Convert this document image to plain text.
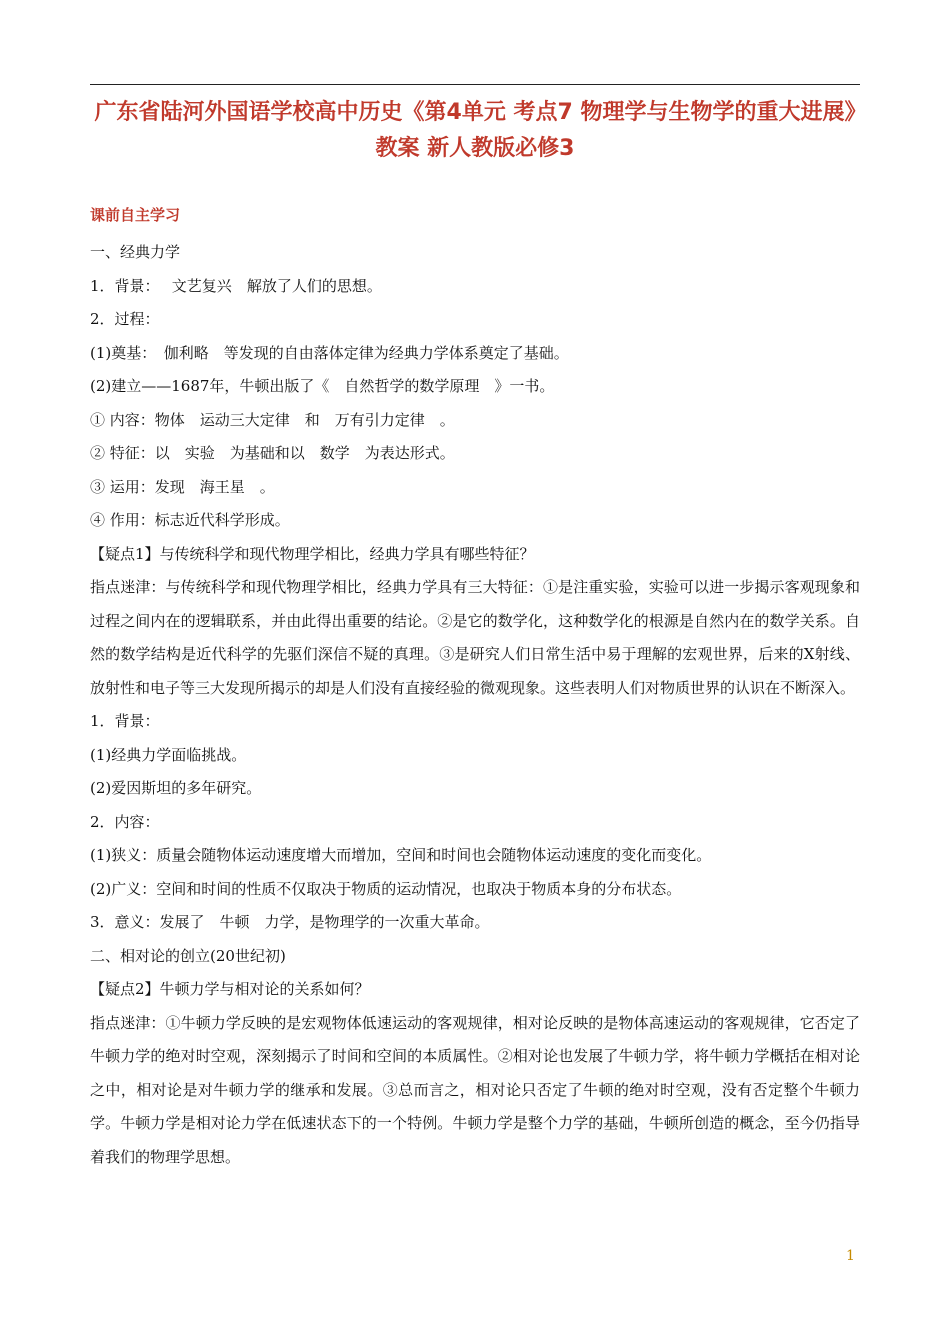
广东省陆河外国语学校高中历史《第4单元 考点7 物理学与生物学的重大进展》教案 新人教版必修3
课前自主学习
一、经典力学
1．背景：　 文艺复兴　解放了人们的思想。
2．过程：
(1)奠基：　伽利略　等发现的自由落体定律为经典力学体系奠定了基础。
(2)建立——1687年，牛顿出版了《　自然哲学的数学原理　》一书。
① 内容：物体　运动三大定律　和　万有引力定律　。
② 特征：以　实验　为基础和以　数学　为表达形式。
③ 运用：发现　海王星　。
④ 作用：标志近代科学形成。
【疑点1】与传统科学和现代物理学相比，经典力学具有哪些特征？
指点迷津：与传统科学和现代物理学相比，经典力学具有三大特征：①是注重实验，实验可以进一步揭示客观现象和过程之间内在的逻辑联系，并由此得出重要的结论。②是它的数学化，这种数学化的根源是自然内在的数学关系。自然的数学结构是近代科学的先驱们深信不疑的真理。③是研究人们日常生活中易于理解的宏观世界，后来的X射线、放射性和电子等三大发现所揭示的却是人们没有直接经验的微观现象。这些表明人们对物质世界的认识在不断深入。
1．背景：
(1)经典力学面临挑战。
(2)爱因斯坦的多年研究。
2．内容：
(1)狭义：质量会随物体运动速度增大而增加，空间和时间也会随物体运动速度的变化而变化。
(2)广义：空间和时间的性质不仅取决于物质的运动情况，也取决于物质本身的分布状态。
3．意义：发展了　牛顿　力学，是物理学的一次重大革命。
二、相对论的创立(20世纪初)
【疑点2】牛顿力学与相对论的关系如何？
指点迷津：①牛顿力学反映的是宏观物体低速运动的客观规律，相对论反映的是物体高速运动的客观规律，它否定了牛顿力学的绝对时空观，深刻揭示了时间和空间的本质属性。②相对论也发展了牛顿力学，将牛顿力学概括在相对论之中，相对论是对牛顿力学的继承和发展。③总而言之，相对论只否定了牛顿的绝对时空观，没有否定整个牛顿力学。牛顿力学是相对论力学在低速状态下的一个特例。牛顿力学是整个力学的基础，牛顿所创造的概念，至今仍指导着我们的物理学思想。
1
